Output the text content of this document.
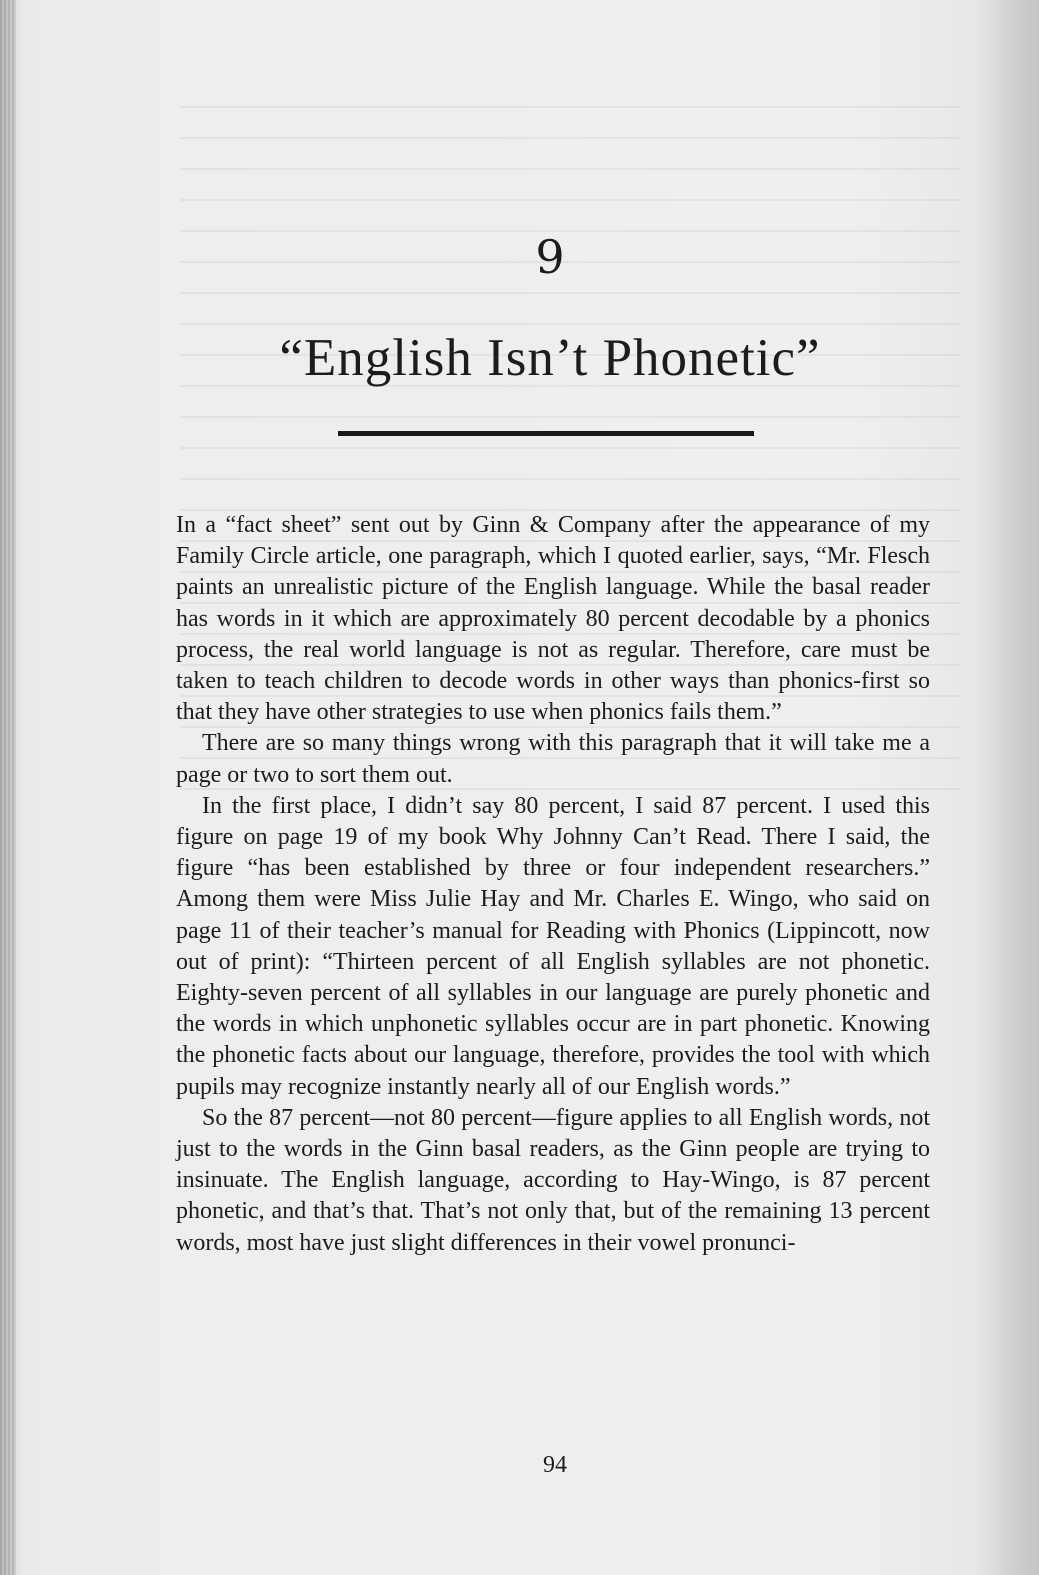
9
“English Isn’t Phonetic”

In a “fact sheet” sent out by Ginn & Company after the appearance of my Family Circle article, one paragraph, which I quoted earlier, says, “Mr. Flesch paints an unrealistic picture of the English language. While the basal reader has words in it which are approximately 80 percent decodable by a phonics process, the real world language is not as regular. Therefore, care must be taken to teach children to decode words in other ways than phonics-first so that they have other strategies to use when phonics fails them.”

There are so many things wrong with this paragraph that it will take me a page or two to sort them out.

In the first place, I didn’t say 80 percent, I said 87 percent. I used this figure on page 19 of my book Why Johnny Can’t Read. There I said, the figure “has been established by three or four independent researchers.” Among them were Miss Julie Hay and Mr. Charles E. Wingo, who said on page 11 of their teacher’s manual for Reading with Phonics (Lippincott, now out of print): “Thirteen percent of all English syllables are not phonetic. Eighty-seven percent of all syllables in our language are purely phonetic and the words in which unphonetic syllables occur are in part phonetic. Knowing the phonetic facts about our language, therefore, provides the tool with which pupils may recognize instantly nearly all of our English words.”

So the 87 percent—not 80 percent—figure applies to all English words, not just to the words in the Ginn basal readers, as the Ginn people are trying to insinuate. The English language, according to Hay-Wingo, is 87 percent phonetic, and that’s that. That’s not only that, but of the remaining 13 percent words, most have just slight differences in their vowel pronunci-

94
